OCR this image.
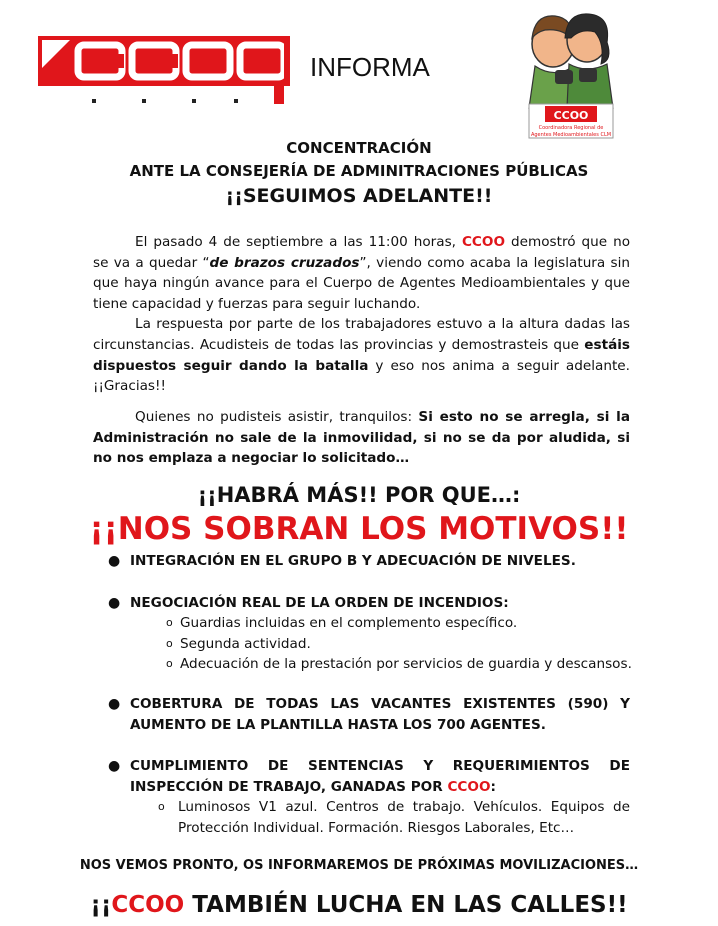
INFORMA
CCOO
Coordinadora Regional de
Agentes Medioambientales CLM
CONCENTRACIÓN
ANTE LA CONSEJERÍA DE ADMINITRACIONES PÚBLICAS
¡¡SEGUIMOS ADELANTE!!
El pasado 4 de septiembre a las 11:00 horas, CCOO demostró que no se va a quedar “de brazos cruzados”, viendo como acaba la legislatura sin que haya ningún avance para el Cuerpo de Agentes Medioambientales y que tiene capacidad y fuerzas para seguir luchando.
La respuesta por parte de los trabajadores estuvo a la altura dadas las circunstancias. Acudisteis de todas las provincias y demostrasteis que estáis dispuestos seguir dando la batalla y eso nos anima a seguir adelante. ¡¡Gracias!!
Quienes no pudisteis asistir, tranquilos: Si esto no se arregla, si la Administración no sale de la inmovilidad, si no se da por aludida, si no nos emplaza a negociar lo solicitado…
¡¡HABRÁ MÁS!! POR QUE…:
¡¡NOS SOBRAN LOS MOTIVOS!!
● INTEGRACIÓN EN EL GRUPO B Y ADECUACIÓN DE NIVELES.
● NEGOCIACIÓN REAL DE LA ORDEN DE INCENDIOS:
o Guardias incluidas en el complemento específico.
o Segunda actividad.
o Adecuación de la prestación por servicios de guardia y descansos.
● COBERTURA DE TODAS LAS VACANTES EXISTENTES (590) Y AUMENTO DE LA PLANTILLA HASTA LOS 700 AGENTES.
● CUMPLIMIENTO DE SENTENCIAS Y REQUERIMIENTOS DE INSPECCIÓN DE TRABAJO, GANADAS POR CCOO:
o Luminosos V1 azul. Centros de trabajo. Vehículos. Equipos de Protección Individual. Formación. Riesgos Laborales, Etc…
NOS VEMOS PRONTO, OS INFORMAREMOS DE PRÓXIMAS MOVILIZACIONES…
¡¡CCOO TAMBIÉN LUCHA EN LAS CALLES!!
